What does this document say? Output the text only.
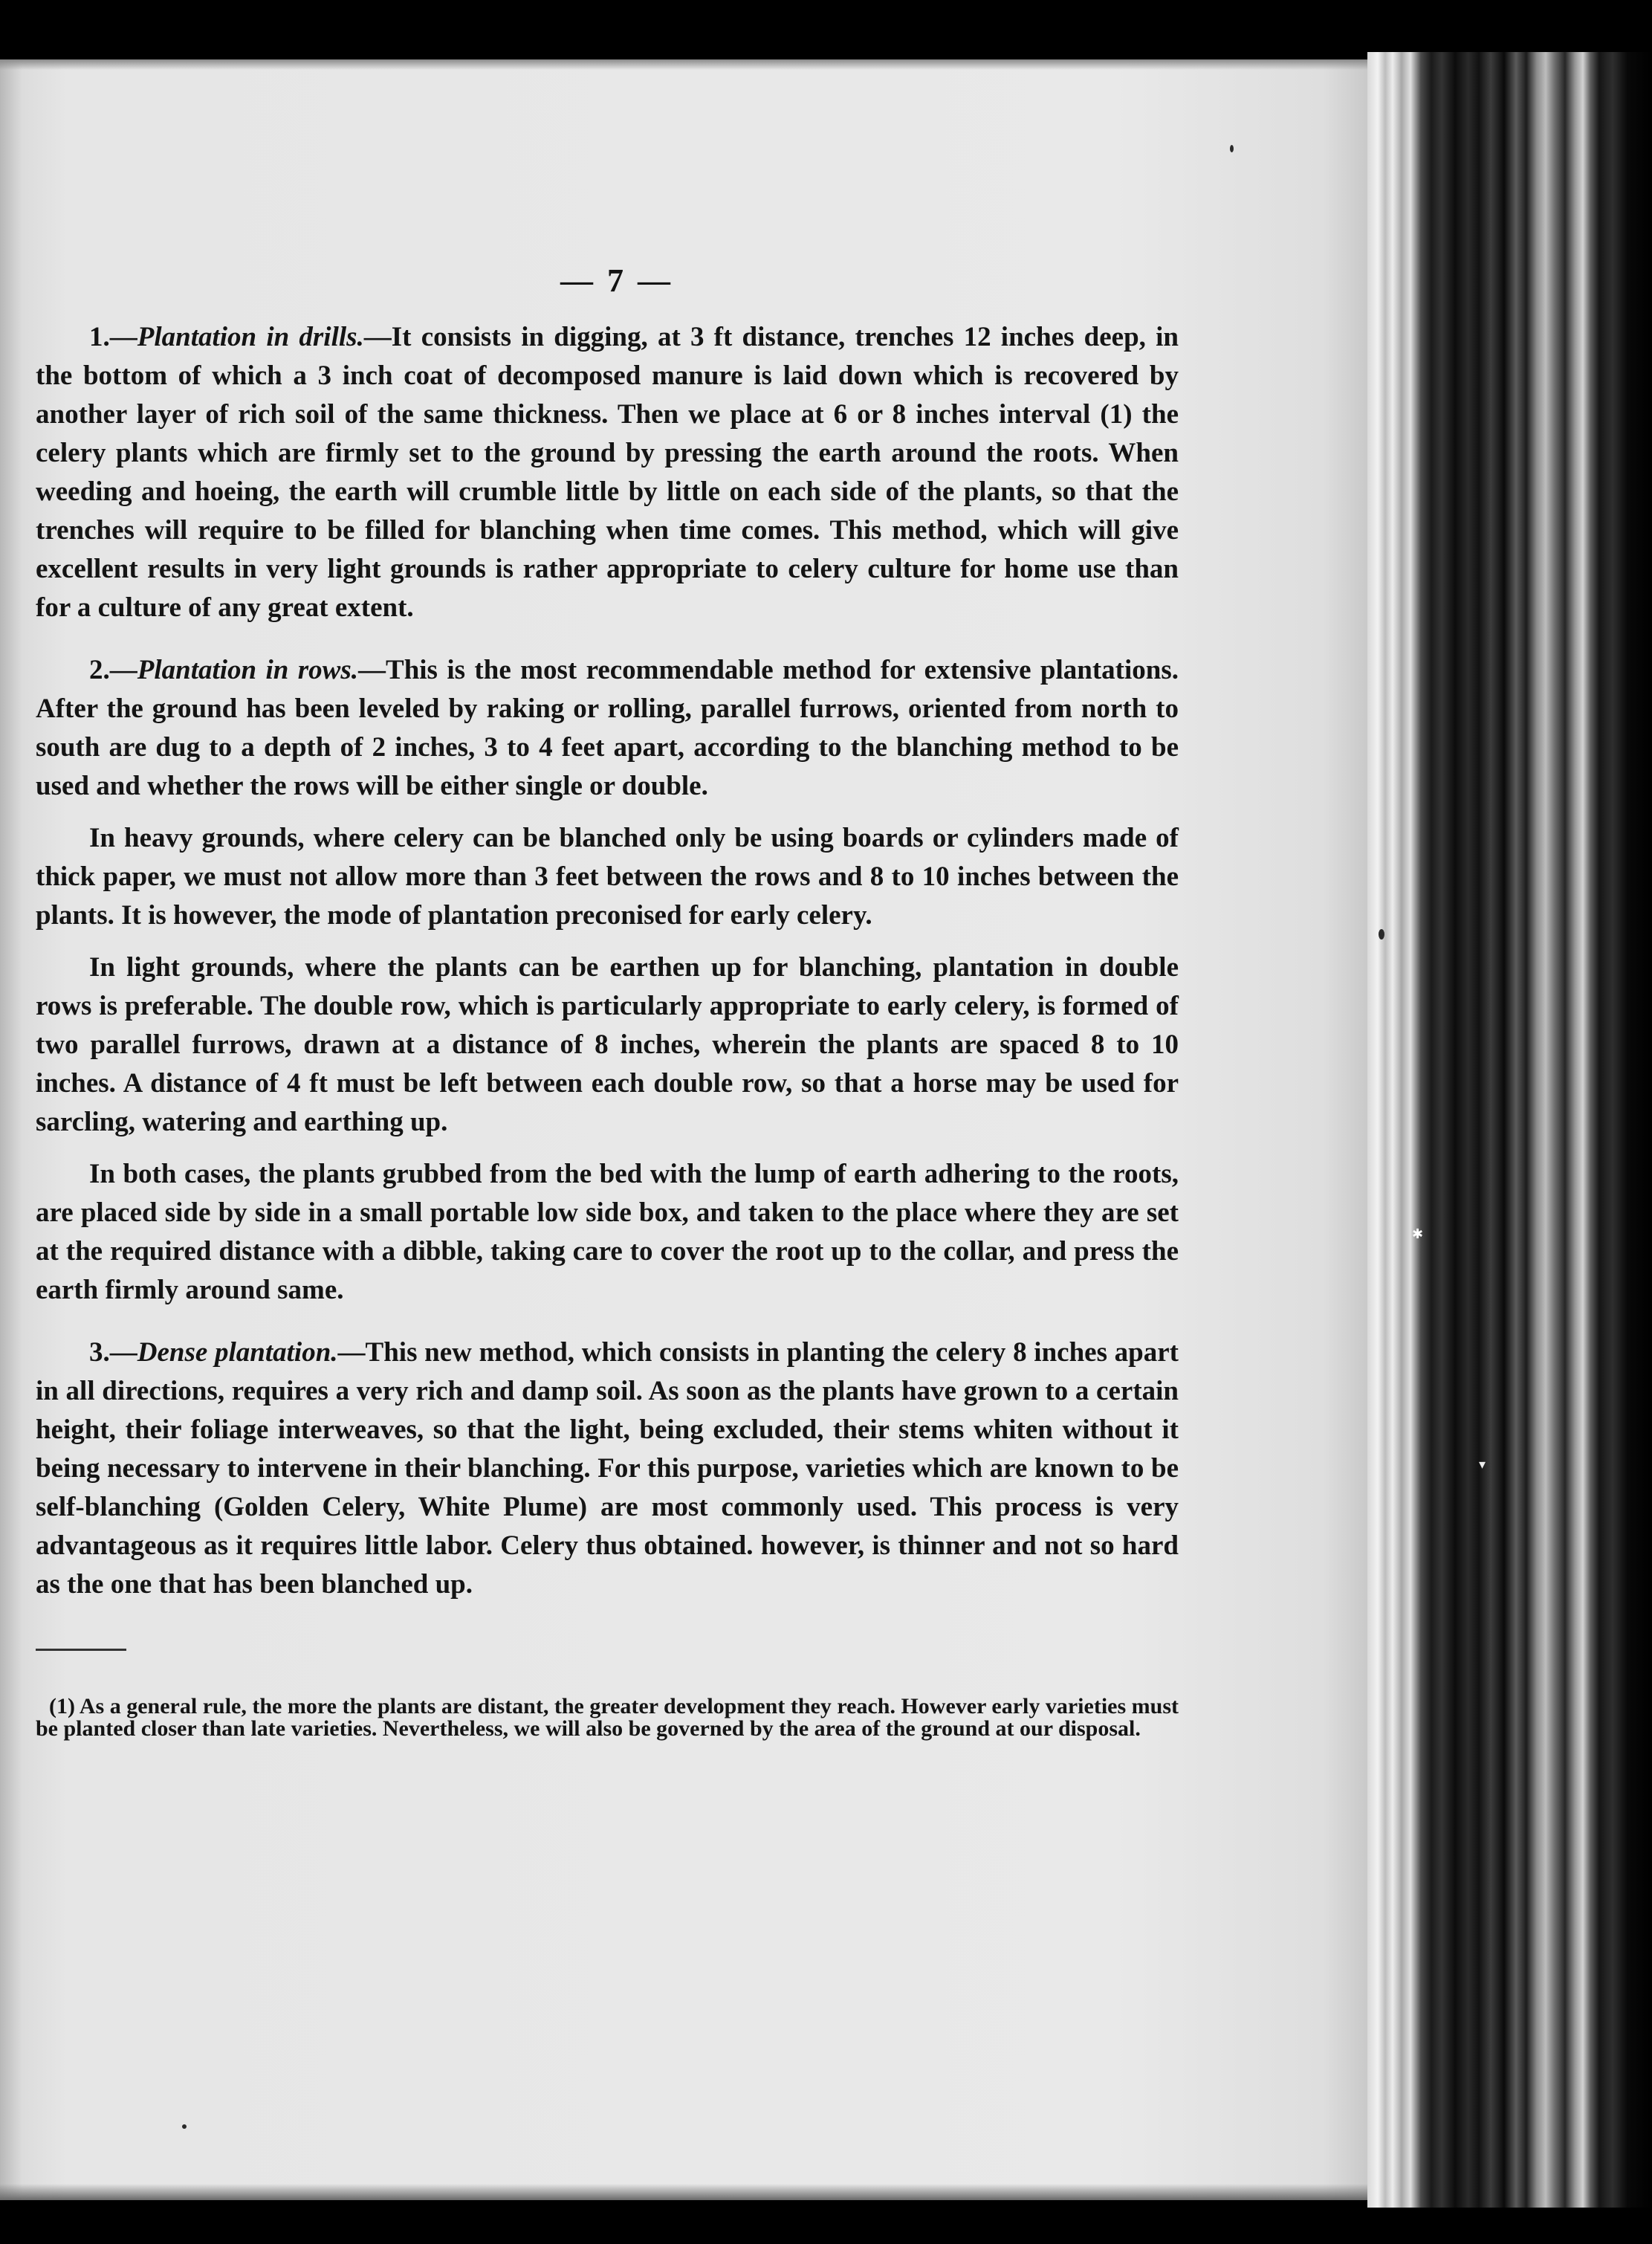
✱
▾
— 7 —

1.—Plantation in drills.—It consists in digging, at 3 ft distance, trenches 12 inches deep, in the bottom of which a 3 inch coat of decomposed manure is laid down which is recovered by another layer of rich soil of the same thickness. Then we place at 6 or 8 inches interval (1) the celery plants which are firmly set to the ground by pressing the earth around the roots. When weeding and hoeing, the earth will crumble little by little on each side of the plants, so that the trenches will require to be filled for blanching when time comes. This method, which will give excellent results in very light grounds is rather appropriate to celery culture for home use than for a culture of any great extent.

2.—Plantation in rows.—This is the most recommendable method for extensive plantations. After the ground has been leveled by raking or rolling, parallel furrows, oriented from north to south are dug to a depth of 2 inches, 3 to 4 feet apart, according to the blanching method to be used and whether the rows will be either single or double.

In heavy grounds, where celery can be blanched only be using boards or cylinders made of thick paper, we must not allow more than 3 feet between the rows and 8 to 10 inches between the plants. It is however, the mode of plantation preconised for early celery.

In light grounds, where the plants can be earthen up for blanching, plantation in double rows is preferable. The double row, which is particularly appropriate to early celery, is formed of two parallel furrows, drawn at a distance of 8 inches, wherein the plants are spaced 8 to 10 inches. A distance of 4 ft must be left between each double row, so that a horse may be used for sarcling, watering and earthing up.

In both cases, the plants grubbed from the bed with the lump of earth adhering to the roots, are placed side by side in a small portable low side box, and taken to the place where they are set at the required distance with a dibble, taking care to cover the root up to the collar, and press the earth firmly around same.

3.—Dense plantation.—This new method, which consists in planting the celery 8 inches apart in all directions, requires a very rich and damp soil. As soon as the plants have grown to a certain height, their foliage interweaves, so that the light, being excluded, their stems whiten without it being necessary to intervene in their blanching. For this purpose, varieties which are known to be self-blanching (Golden Celery, White Plume) are most commonly used. This process is very advantageous as it requires little labor. Celery thus obtained. however, is thinner and not so hard as the one that has been blanched up.

(1) As a general rule, the more the plants are distant, the greater development they reach. However early varieties must be planted closer than late varieties. Nevertheless, we will also be governed by the area of the ground at our disposal.
